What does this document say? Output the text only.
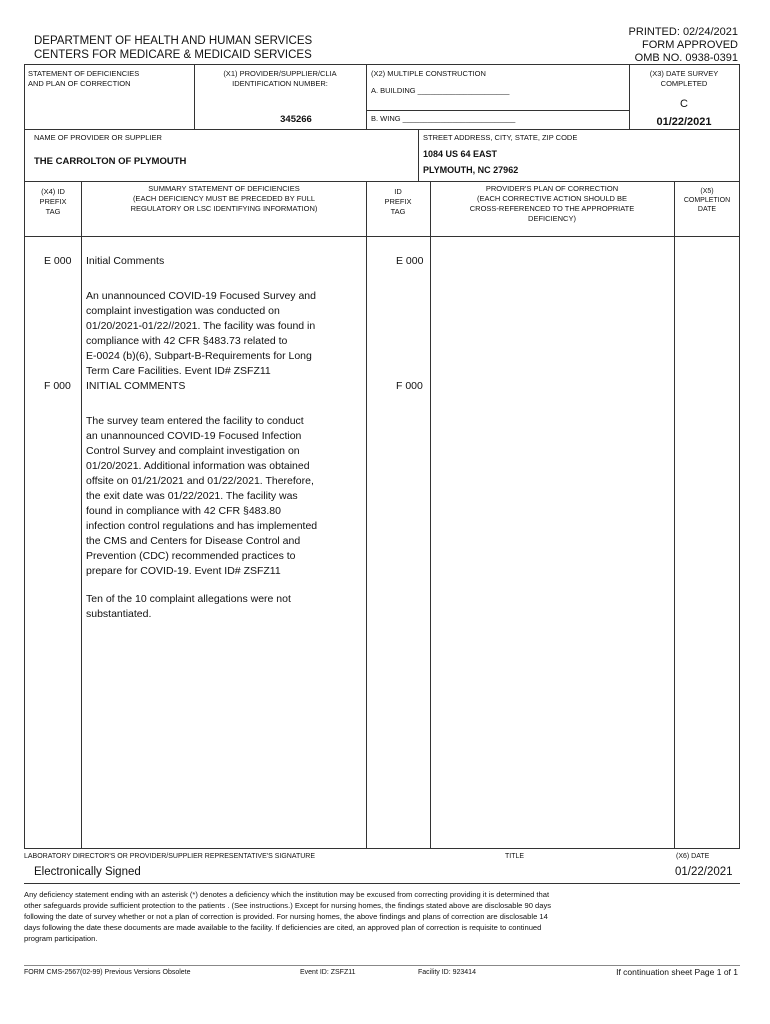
DEPARTMENT OF HEALTH AND HUMAN SERVICES
CENTERS FOR MEDICARE & MEDICAID SERVICES
PRINTED: 02/24/2021
FORM APPROVED
OMB NO. 0938-0391
STATEMENT OF DEFICIENCIES
AND PLAN OF CORRECTION
(X1) PROVIDER/SUPPLIER/CLIA
IDENTIFICATION NUMBER:
345266
(X2) MULTIPLE CONSTRUCTION
A. BUILDING ______________________
B. WING ___________________________
(X3) DATE SURVEY
COMPLETED
C
01/22/2021
NAME OF PROVIDER OR SUPPLIER
THE CARROLTON OF PLYMOUTH
STREET ADDRESS, CITY, STATE, ZIP CODE
1084 US 64 EAST
PLYMOUTH, NC 27962
(X4) ID
PREFIX
TAG
SUMMARY STATEMENT OF DEFICIENCIES
(EACH DEFICIENCY MUST BE PRECEDED BY FULL
REGULATORY OR LSC IDENTIFYING INFORMATION)
ID
PREFIX
TAG
PROVIDER'S PLAN OF CORRECTION
(EACH CORRECTIVE ACTION SHOULD BE
CROSS-REFERENCED TO THE APPROPRIATE
DEFICIENCY)
(X5)
COMPLETION
DATE
E 000 Initial Comments	E 000
An unannounced COVID-19 Focused Survey and
complaint investigation was conducted on
01/20/2021-01/22//2021. The facility was found in
compliance with 42 CFR §483.73 related to
E-0024 (b)(6), Subpart-B-Requirements for Long
Term Care Facilities. Event ID# ZSFZ11
F 000 INITIAL COMMENTS	F 000
The survey team entered the facility to conduct
an unannounced COVID-19 Focused Infection
Control Survey and complaint investigation on
01/20/2021. Additional information was obtained
offsite on 01/21/2021 and 01/22/2021. Therefore,
the exit date was 01/22/2021. The facility was
found in compliance with 42 CFR §483.80
infection control regulations and has implemented
the CMS and Centers for Disease Control and
Prevention (CDC) recommended practices to
prepare for COVID-19. Event ID# ZSFZ11
Ten of the 10 complaint allegations were not
substantiated.
LABORATORY DIRECTOR'S OR PROVIDER/SUPPLIER REPRESENTATIVE'S SIGNATURE	TITLE	(X6) DATE
Electronically Signed	01/22/2021
Any deficiency statement ending with an asterisk (*) denotes a deficiency which the institution may be excused from correcting providing it is determined that
other safeguards provide sufficient protection to the patients . (See instructions.) Except for nursing homes, the findings stated above are disclosable 90 days
following the date of survey whether or not a plan of correction is provided. For nursing homes, the above findings and plans of correction are disclosable 14
days following the date these documents are made available to the facility. If deficiencies are cited, an approved plan of correction is requisite to continued
program participation.
FORM CMS-2567(02-99) Previous Versions Obsolete	Event ID: ZSFZ11	Facility ID: 923414	If continuation sheet Page 1 of 1
